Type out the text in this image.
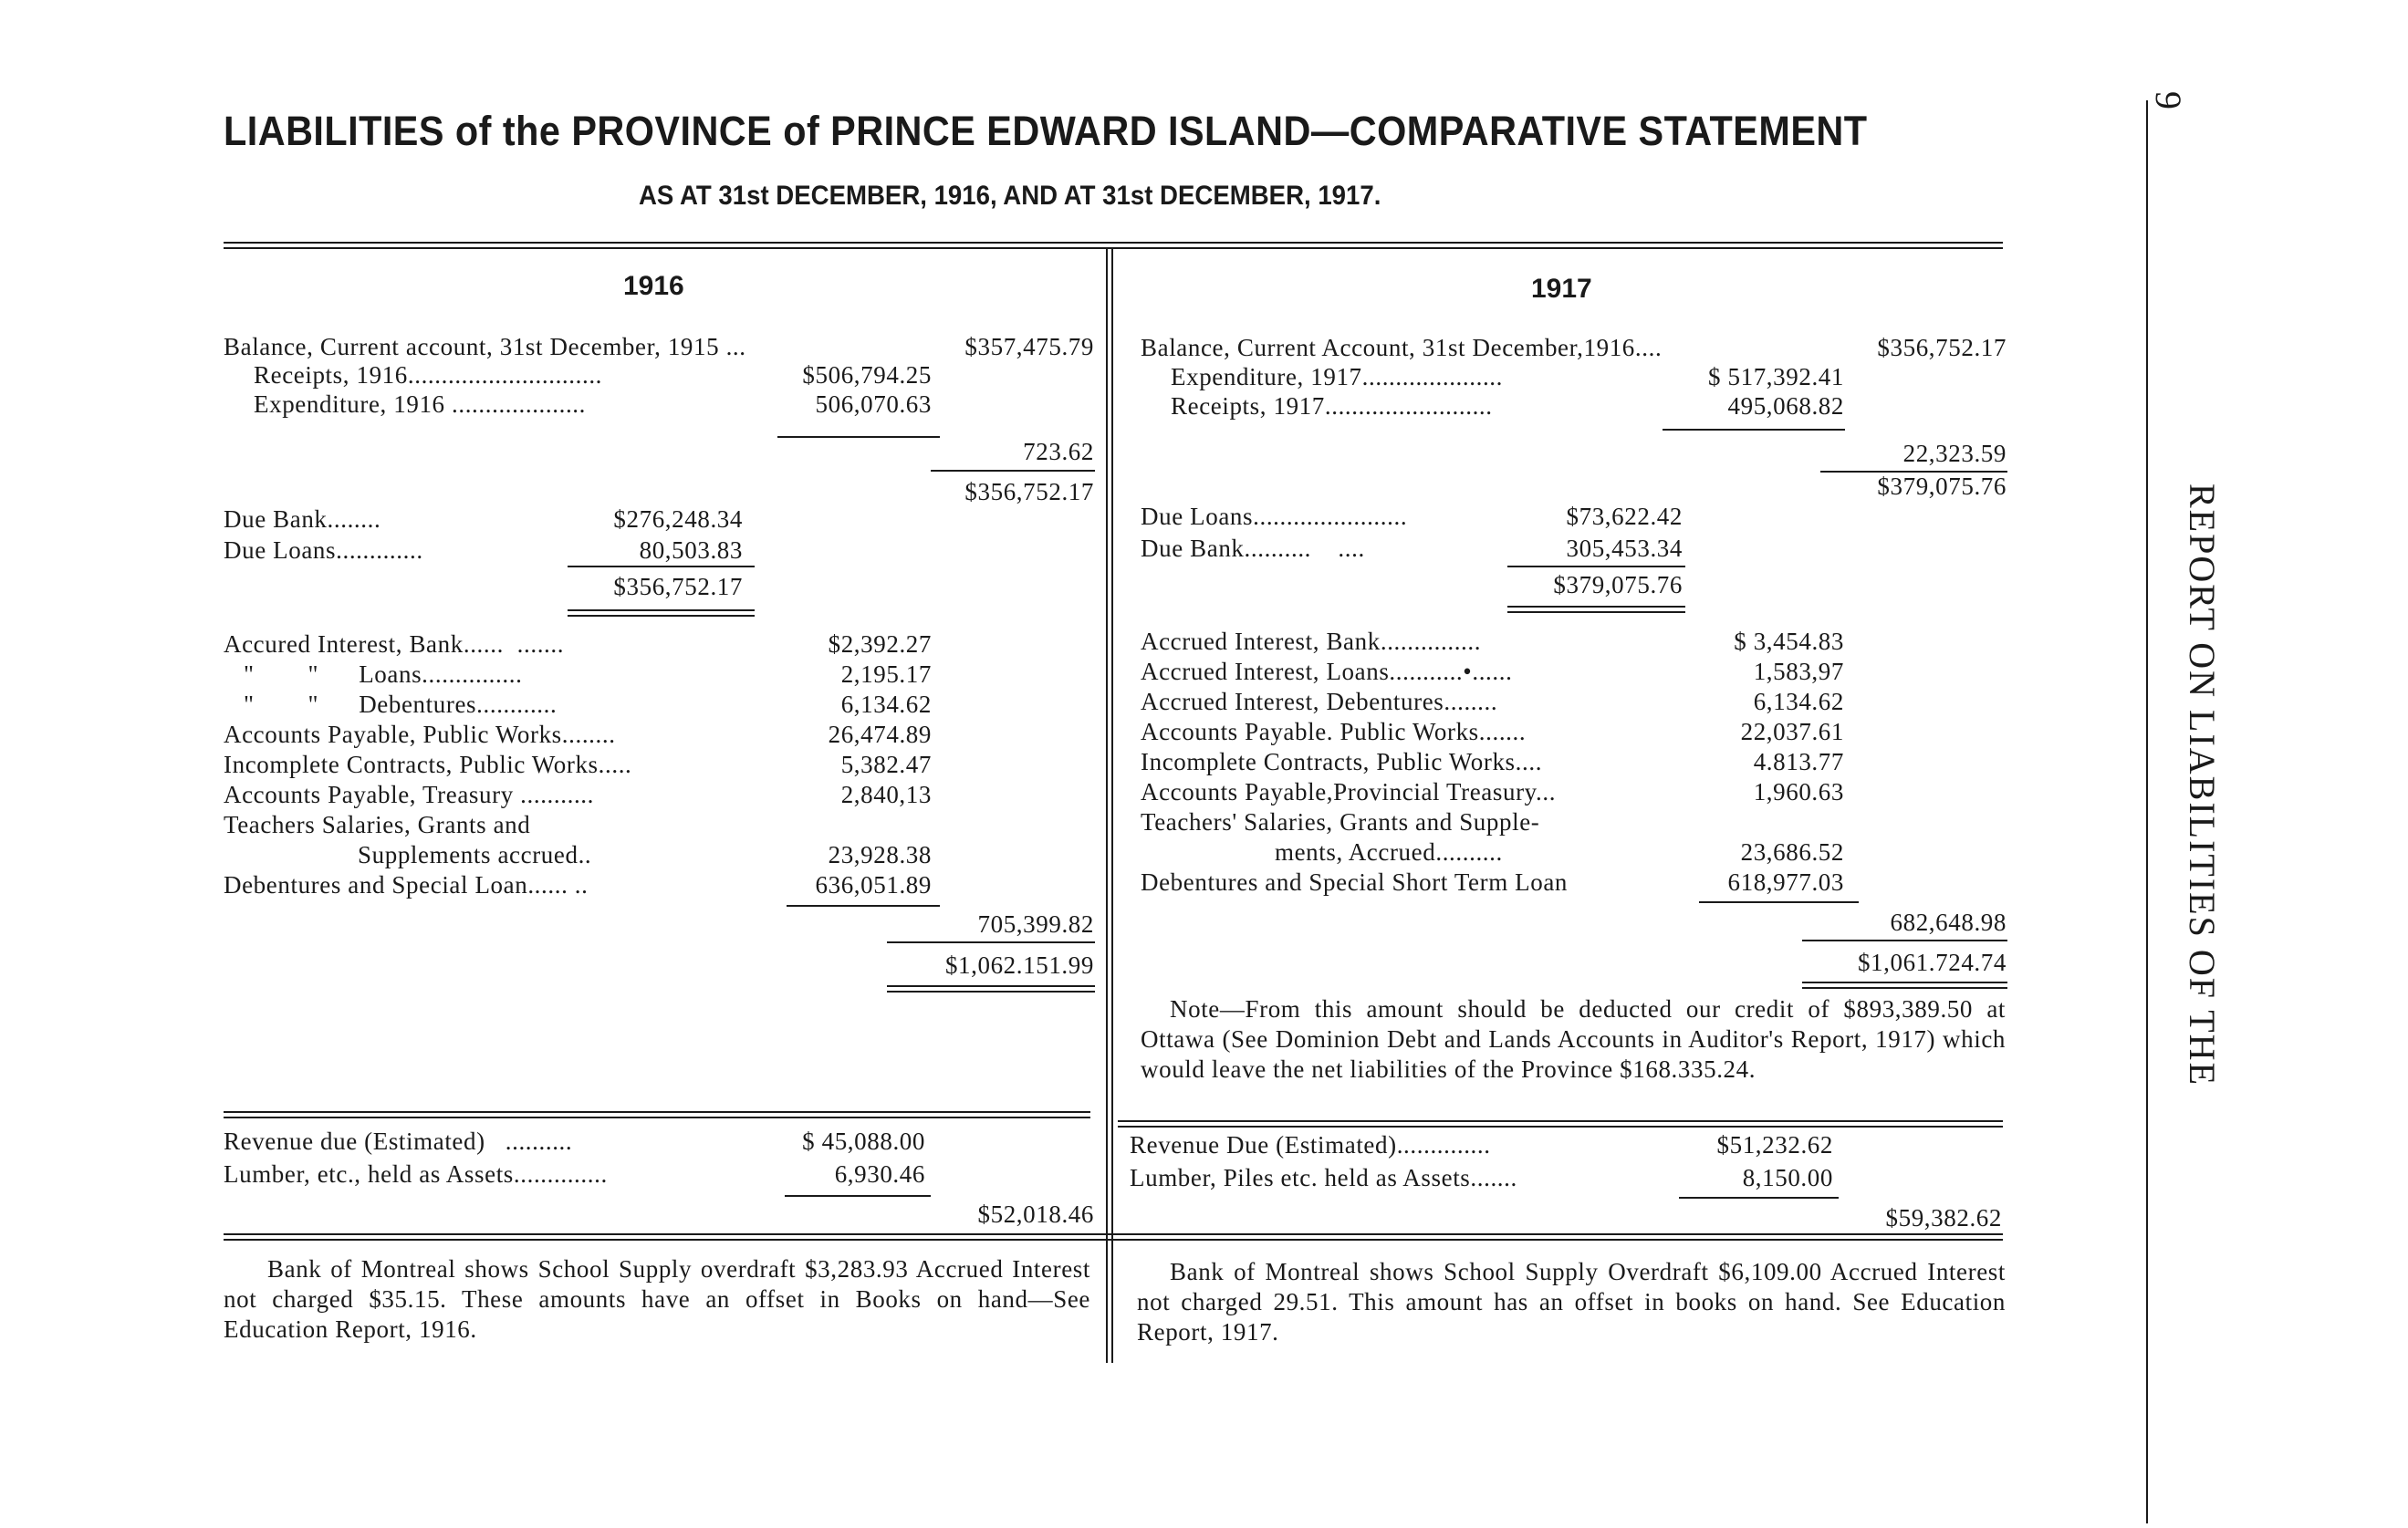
LIABILITIES of the PROVINCE of PRINCE EDWARD ISLAND—COMPARATIVE STATEMENT
AS AT 31st DECEMBER, 1916, AND AT 31st DECEMBER, 1917.
9
REPORT ON LIABILITIES OF THE
1916
Balance, Current account, 31st December, 1915 ...	$357,475.79
Receipts, 1916.............................	$506,794.25
Expenditure, 1916 ....................	506,070.63
723.62
$356,752.17
Due Bank........	$276,248.34
Due Loans.............	80,503.83
$356,752.17
Accured Interest, Bank......  .......	$2,392.27
"        "      Loans...............	2,195.17
"        "      Debentures............	6,134.62
Accounts Payable, Public Works........	26,474.89
Incomplete Contracts, Public Works.....	5,382.47
Accounts Payable, Treasury ...........	2,840,13
Teachers Salaries, Grants and
Supplements accrued..	23,928.38
Debentures and Special Loan...... ..	636,051.89
705,399.82
$1,062.151.99
Revenue due (Estimated)   ..........	$ 45,088.00
Lumber, etc., held as Assets..............	6,930.46
$52,018.46
Bank of Montreal shows School Supply overdraft $3,283.93 Accrued Interest not charged $35.15. These amounts have an offset in Books on hand—See Education Report, 1916.
1917
Balance, Current Account, 31st December,1916....	$356,752.17
Expenditure, 1917.....................	$ 517,392.41
Receipts, 1917.........................	495,068.82
22,323.59
$379,075.76
Due Loans.......................	$73,622.42
Due Bank..........    ....	305,453.34
$379,075.76
Accrued Interest, Bank...............	$ 3,454.83
Accrued Interest, Loans...........•......	1,583,97
Accrued Interest, Debentures........	6,134.62
Accounts Payable. Public Works.......	22,037.61
Incomplete Contracts, Public Works....	4.813.77
Accounts Payable,Provincial Treasury...	1,960.63
Teachers' Salaries, Grants and Supple-
ments, Accrued..........	23,686.52
Debentures and Special Short Term Loan	618,977.03
682,648.98
$1,061.724.74
Note—From this amount should be deducted our credit of $893,389.50 at Ottawa (See Dominion Debt and Lands Accounts in Auditor's Report, 1917) which would leave the net liabilities of the Province $168.335.24.
Revenue Due (Estimated)..............	$51,232.62
Lumber, Piles etc. held as Assets.......	8,150.00
$59,382.62
Bank of Montreal shows School Supply Overdraft $6,109.00 Accrued Interest not charged 29.51. This amount has an offset in books on hand. See Education Report, 1917.
